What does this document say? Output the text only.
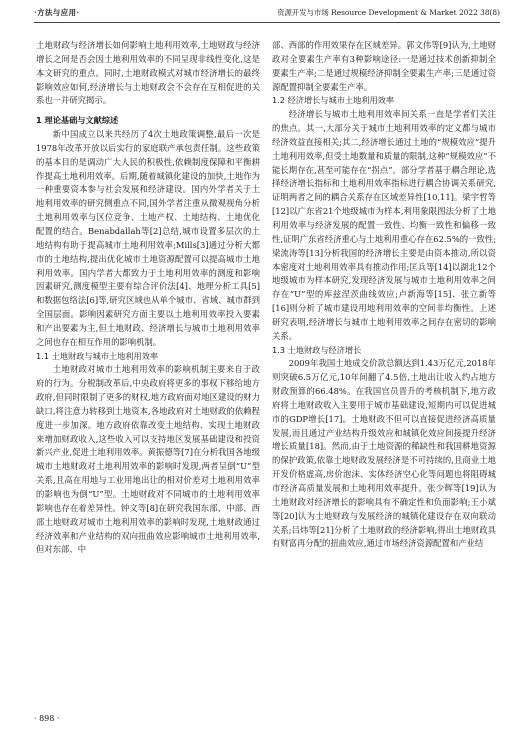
·方法与应用·	资源开发与市场 Resource Development & Market 2022 38(8)

土地财政与经济增长如何影响土地利用效率,土地财政与经济增长之间是否会因土地利用效率的不同呈现非线性变化,这是本文研究的重点。同时,土地财政模式对城市经济增长的最终影响效应如何,经济增长与土地财政会不会存在互相促进的关系也一并研究揭示。

1 理论基础与文献综述

新中国成立以来共经历了4次土地政策调整,最后一次是1978年改革开放以后实行的家庭联产承包责任制。这些政策的基本目的是调动广大人民的积极性,依赖制度保障和平衡耕作提高土地利用效率。后期,随着城镇化建设的加快,土地作为一种重要资本参与社会发展和经济建设。国内外学者关于土地利用效率的研究侧重点不同,国外学者注重从微观视角分析土地利用效率与区位竞争、土地产权、土地结构、土地优化配置的结合。Benabdallah等[2]总结,城市设置多层次的土地结构有助于提高城市土地利用效率;Mills[3]通过分析大都市的土地结构,提出优化城市土地资源配置可以提高城市土地利用效率。国内学者大都致力于土地利用效率的测度和影响因素研究,测度模型主要有综合评价法[4]、地理分析工具[5]和数据包络法[6]等,研究区域也从单个城市、省域、城市群到全国层面。影响因素研究方面主要以土地利用效率投入要素和产出要素为主,但土地财政、经济增长与城市土地利用效率之间也存在相互作用的影响机制。

1.1 土地财政与城市土地利用效率

土地财政对城市土地利用效率的影响机制主要来自于政府的行为。分税制改革后,中央政府将更多的事权下移给地方政府,但同时限制了更多的财权,地方政府面对地区建设的财力缺口,将注意力转移到土地资本,各地政府对土地财政的依赖程度进一步加深。地方政府依靠改变土地结构、实现土地财政来增加财政收入,这些收入可以支持地区发展基础建设和投资新兴产业,促进土地利用效率。黄振德等[7]在分析我国各地级城市土地财政对土地利用效率的影响时发现,两者呈倒“U”型关系,且高在用地与工业用地出让的相对价差对土地利用效率的影响也为倒“U”型。土地财政对不同城市的土地利用效率影响也存在着差异性。钟文等[8]在研究我国东部、中部、西部土地财政对城市土地利用效率的影响时发现,土地财政通过经济效率和产业结构的双向扭曲效应影响城市土地利用效率,但对东部、中

部、西部的作用效果存在区域差异。郭文伟等[9]认为,土地财政对全要素生产率有3种影响途径:一是通过技术创新抑制全要素生产率;二是通过规模经济抑制全要素生产率;三是通过资源配置抑制全要素生产率。

1.2 经济增长与城市土地利用效率

经济增长与城市土地利用效率间关系一直是学者们关注的焦点。其一,大部分关于城市土地利用效率的定义都与城市经济效益直接相关;其二,经济增长通过土地的“规模效应”提升土地利用效率,但受土地数量和质量的限制,这种“规模效应”不能长期存在,甚至可能存在“拐点”。部分学者基于耦合理论,选择经济增长指标和土地利用效率指标进行耦合协调关系研究,证明两者之间的耦合关系存在区域差异性[10,11]。梁宇哲等[12]以广东省21个地级城市为样本,利用象限图法分析了土地利用效率与经济发展的配置一致性、均衡一致性和偏移一致性,证明广东省经济重心与土地利用重心存在62.5%的一致性;梁流涛等[13]分析我国的经济增长主要是由资本推动,所以资本密度对土地利用效率具有推动作用;匡兵等[14]以湖北12个地级城市为样本研究,发现经济发展与城市土地利用效率之间存在“U”型的库兹涅茨曲线效应;卢新海等[15]、张立新等[16]则分析了城市建设用地利用效率的空间非均衡性。上述研究表明,经济增长与城市土地利用效率之间存在密切的影响关系。

1.3 土地财政与经济增长

2009年我国土地成交价款总额达到1.43万亿元,2018年则突破6.5万亿元,10年间翻了4.5倍,土地出让收入约占地方财政预算的66.48%。在我国官员晋升的考核机制下,地方政府将土地财政收入主要用于城市基础建设,短期内可以促进城市的GDP增长[17]。土地财政不但可以直接促进经济高质量发展,而且通过产业结构升级效应和城镇化效应间接提升经济增长质量[18]。然而,由于土地资源的稀缺性和我国耕地资源的保护政策,依靠土地财政发展经济是不可持续的,且商业土地开发价格虚高,房价泡沫、实体经济空心化等问题也将阻碍城市经济高质量发展和土地利用效率提升。张少辉等[19]认为土地财政对经济增长的影响具有不确定性和负面影响;王小斌等[20]认为土地财政与发展经济的城镇化建设存在双向联动关系;吕炜等[21]分析了土地财政的经济影响,得出土地财政具有财富再分配的扭曲效应,通过市场经济资源配置和产业结

· 898 ·
